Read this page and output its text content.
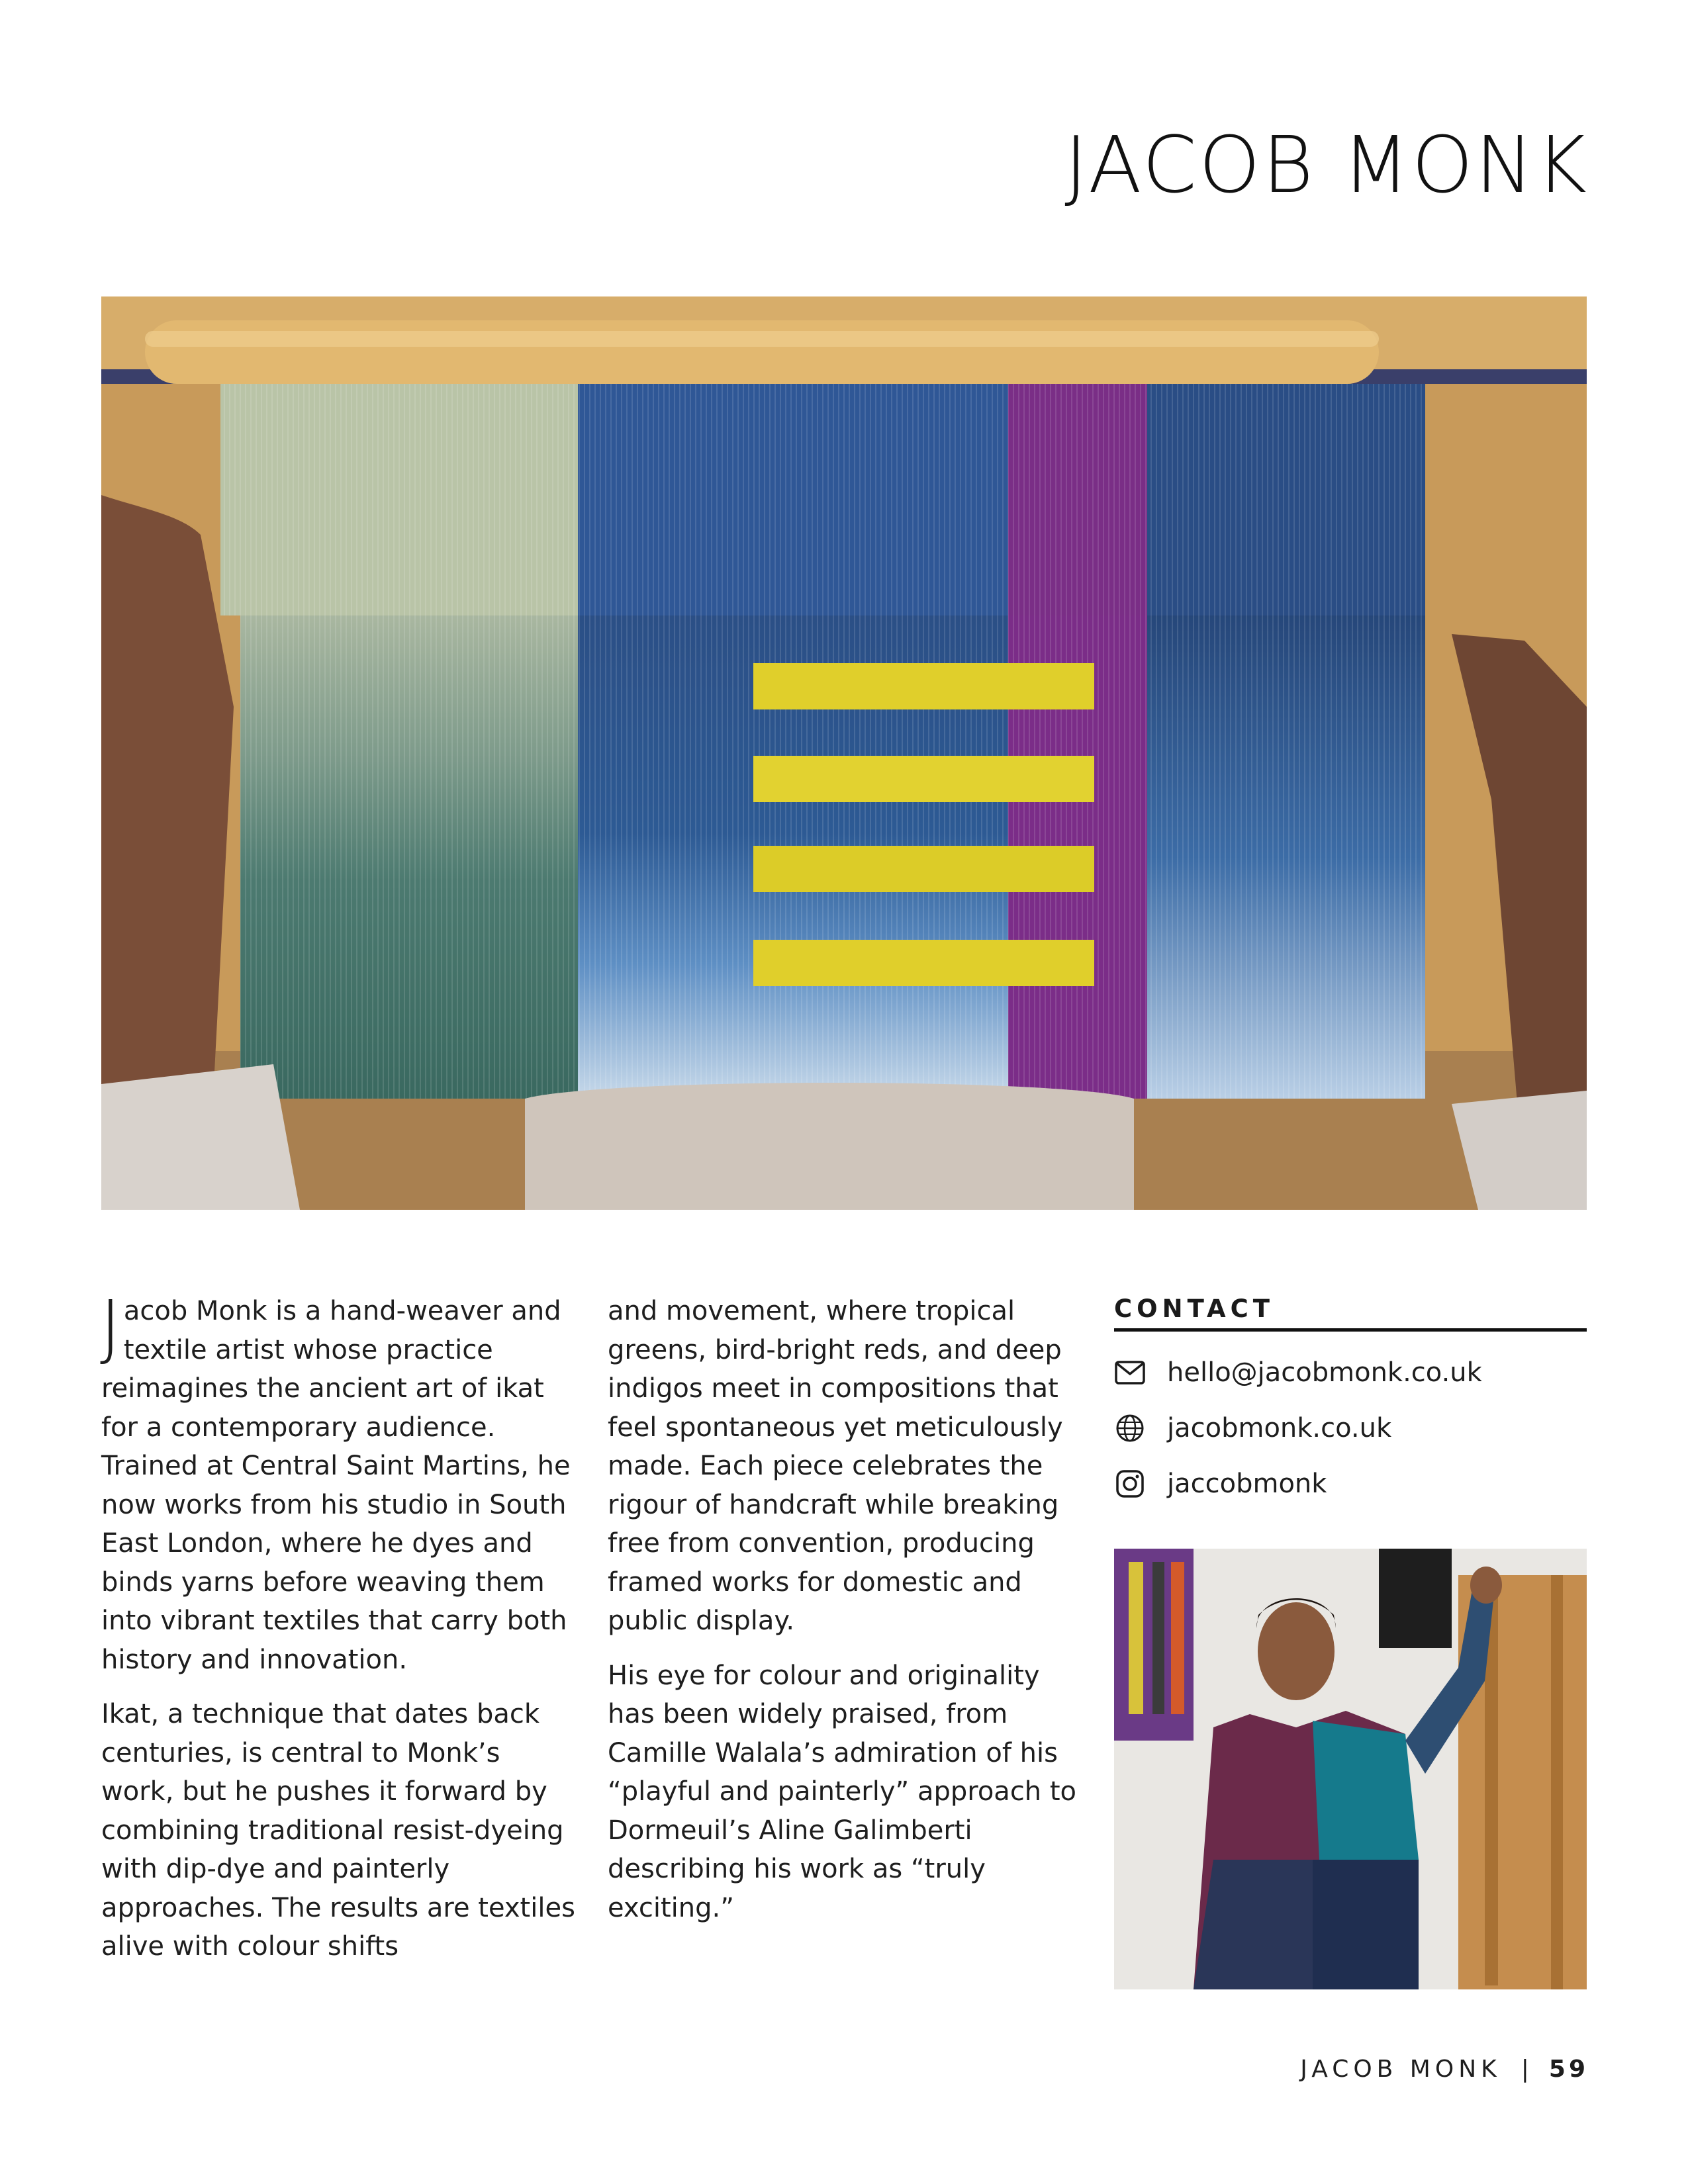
JACOB MONK

Jacob Monk is a hand-weaver and textile artist whose practice reimagines the ancient art of ikat for a contemporary audience. Trained at Central Saint Martins, he now works from his studio in South East London, where he dyes and binds yarns before weaving them into vibrant textiles that carry both history and innovation.

Ikat, a technique that dates back centuries, is central to Monk’s work, but he pushes it forward by combining traditional resist-dyeing with dip-dye and painterly approaches. The results are textiles alive with colour shifts

and movement, where tropical greens, bird-bright reds, and deep indigos meet in compositions that feel spontaneous yet meticulously made. Each piece celebrates the rigour of handcraft while breaking free from convention, producing framed works for domestic and public display.

His eye for colour and originality has been widely praised, from Camille Walala’s admiration of his “playful and painterly” approach to Dormeuil’s Aline Galimberti describing his work as “truly exciting.”

CONTACT
hello@jacobmonk.co.uk
jacobmonk.co.uk
jaccobmonk
JACOB MONK | 59
